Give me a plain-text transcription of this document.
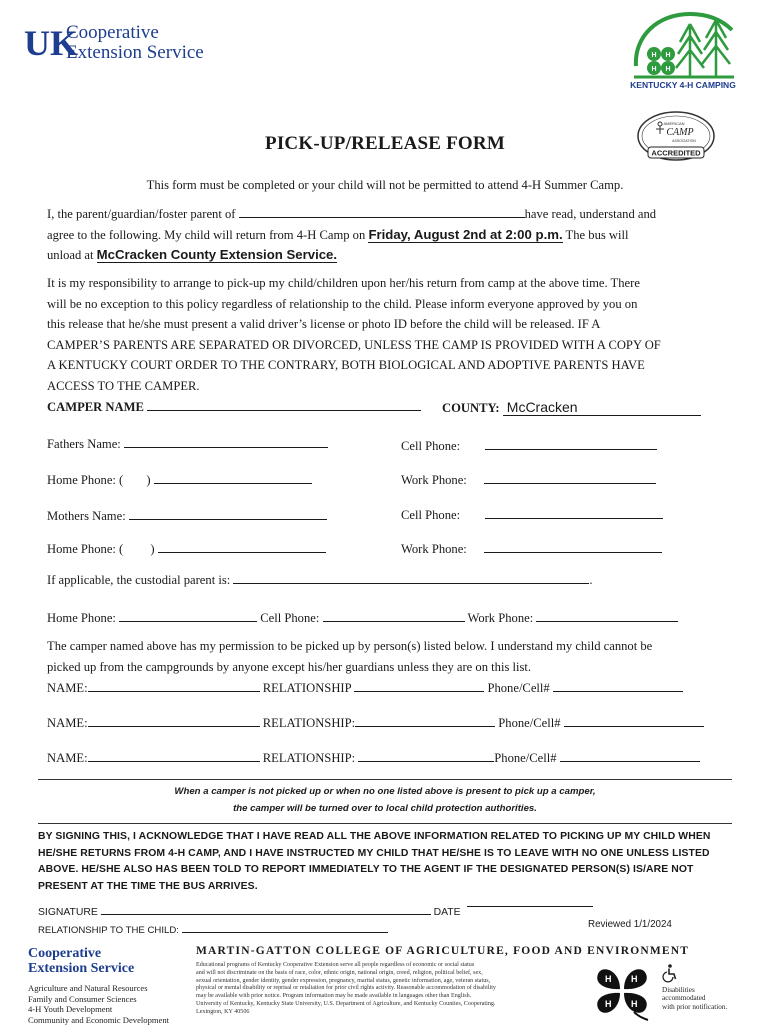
UK
Cooperative
Extension Service	H H
H H
KENTUCKY 4-H CAMPING
AMERICAN
CAMP
ASSOCIATION
ACCREDITED
PICK-UP/RELEASE FORM
This form must be completed or your child will not be permitted to attend 4-H Summer Camp.
I, the parent/guardian/foster parent of	have read, understand and
agree to the following. My child will return from 4-H Camp on Friday, August 2nd at 2:00 p.m. The bus will
unload at McCracken County Extension Service.
It is my responsibility to arrange to pick-up my child/children upon her/his return from camp at the above time. There
will be no exception to this policy regardless of relationship to the child. Please inform everyone approved by you on
this release that he/she must present a valid driver’s license or photo ID before the child will be released. IF A
CAMPER’S PARENTS ARE SEPARATED OR DIVORCED, UNLESS THE CAMP IS PROVIDED WITH A COPY OF
A KENTUCKY COURT ORDER TO THE CONTRARY, BOTH BIOLOGICAL AND ADOPTIVE PARENTS HAVE
ACCESS TO THE CAMPER.
CAMPER NAME	COUNTY: McCracken
Fathers Name:	Cell Phone:
Home Phone: ( )	Work Phone:
Mothers Name:	Cell Phone:
Home Phone: ( )	Work Phone:
If applicable, the custodial parent is:	.
Home Phone:	Cell Phone:	Work Phone:
The camper named above has my permission to be picked up by person(s) listed below. I understand my child cannot be
picked up from the campgrounds by anyone except his/her guardians unless they are on this list.
NAME:	RELATIONSHIP	Phone/Cell#
NAME:	RELATIONSHIP:	Phone/Cell#
NAME:	RELATIONSHIP:	Phone/Cell#
When a camper is not picked up or when no one listed above is present to pick up a camper,
the camper will be turned over to local child protection authorities.
BY SIGNING THIS, I ACKNOWLEDGE THAT I HAVE READ ALL THE ABOVE INFORMATION RELATED TO PICKING UP MY CHILD WHEN
HE/SHE RETURNS FROM 4-H CAMP, AND I HAVE INSTRUCTED MY CHILD THAT HE/SHE IS TO LEAVE WITH NO ONE UNLESS LISTED
ABOVE. HE/SHE ALSO HAS BEEN TOLD TO REPORT IMMEDIATELY TO THE AGENT IF THE DESIGNATED PERSON(S) IS/ARE NOT
PRESENT AT THE TIME THE BUS ARRIVES.
SIGNATURE	DATE
RELATIONSHIP TO THE CHILD:
Reviewed 1/1/2024
Cooperative
Extension Service
Agriculture and Natural Resources
Family and Consumer Sciences
4-H Youth Development
Community and Economic Development
MARTIN-GATTON COLLEGE OF AGRICULTURE, FOOD AND ENVIRONMENT
Educational programs of Kentucky Cooperative Extension serve all people regardless of economic or social status
and will not discriminate on the basis of race, color, ethnic origin, national origin, creed, religion, political belief, sex,
sexual orientation, gender identity, gender expression, pregnancy, marital status, genetic information, age, veteran status,
physical or mental disability or reprisal or retaliation for prior civil rights activity. Reasonable accommodation of disability
may be available with prior notice. Program information may be made available in languages other than English.
University of Kentucky, Kentucky State University, U.S. Department of Agriculture, and Kentucky Counties, Cooperating.
Lexington, KY 40506
H H
H H
Disabilities
accommodated
with prior notification.
